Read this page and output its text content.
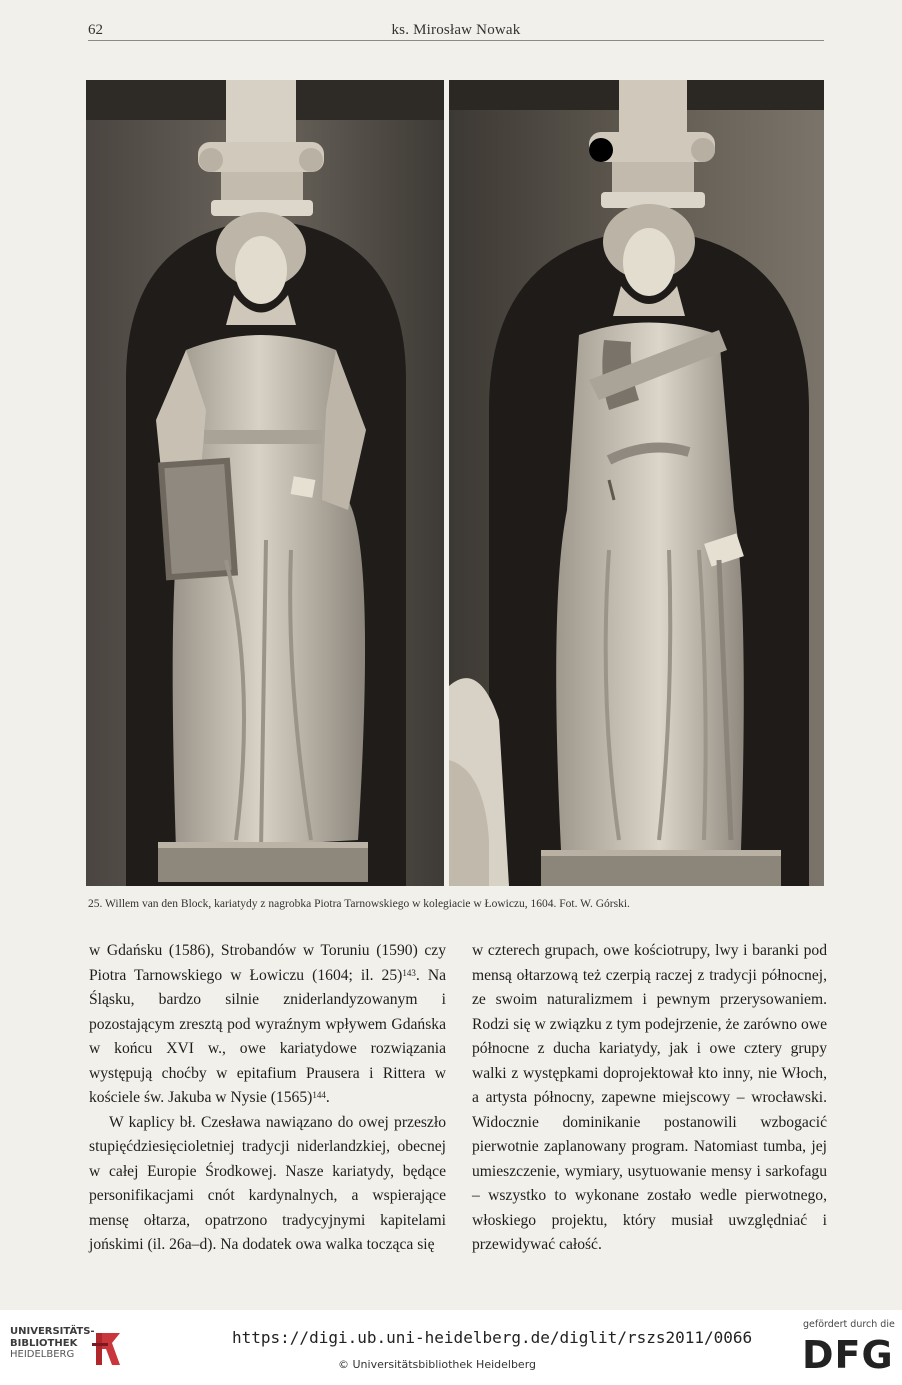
62	ks. Mirosław Nowak
25. Willem van den Block, kariatydy z nagrobka Piotra Tarnowskiego w kolegiacie w Łowiczu, 1604. Fot. W. Górski.

w Gdańsku (1586), Strobandów w Toruniu (1590) czy Piotra Tarnowskiego w Łowiczu (1604; il. 25)$^{143}$. Na Śląsku, bardzo silnie zniderlandyzowanym i pozostającym zresztą pod wyraźnym wpływem Gdańska w końcu XVI w., owe kariatydowe rozwiązania występują choćby w epitafium Prausera i Rittera w kościele św. Jakuba w Nysie $(1565)^{144}$.

W kaplicy bł. Czesława nawiązano do owej przeszło stupięćdziesięcioletniej tradycji niderlandzkiej, obecnej w całej Europie Środkowej. Nasze kariatydy, będące personifikacjami cnót kardynalnych, a wspierające mensę ołtarza, opatrzono tradycyjnymi kapitelami jońskimi (il. 26a–d). Na dodatek owa walka tocząca się

w czterech grupach, owe kościotrupy, lwy i baranki pod mensą ołtarzową też czerpią raczej z tradycji północnej, ze swoim naturalizmem i pewnym przerysowaniem. Rodzi się w związku z tym podejrzenie, że zarówno owe północne z ducha kariatydy, jak i owe cztery grupy walki z występkami doprojektował kto inny, nie Włoch, a artysta północny, zapewne miejscowy – wrocławski. Widocznie dominikanie postanowili wzbogacić pierwotnie zaplanowany program. Natomiast tumba, jej umieszczenie, wymiary, usytuowanie mensy i sarkofagu – wszystko to wykonane zostało wedle pierwotnego, włoskiego projektu, który musiał uwzględniać i przewidywać całość.

UNIVERSITÄTS-
BIBLIOTHEK
HEIDELBERG
https://digi.ub.uni-heidelberg.de/diglit/rszs2011/0066
© Universitätsbibliothek Heidelberg
gefördert durch die
DFG
